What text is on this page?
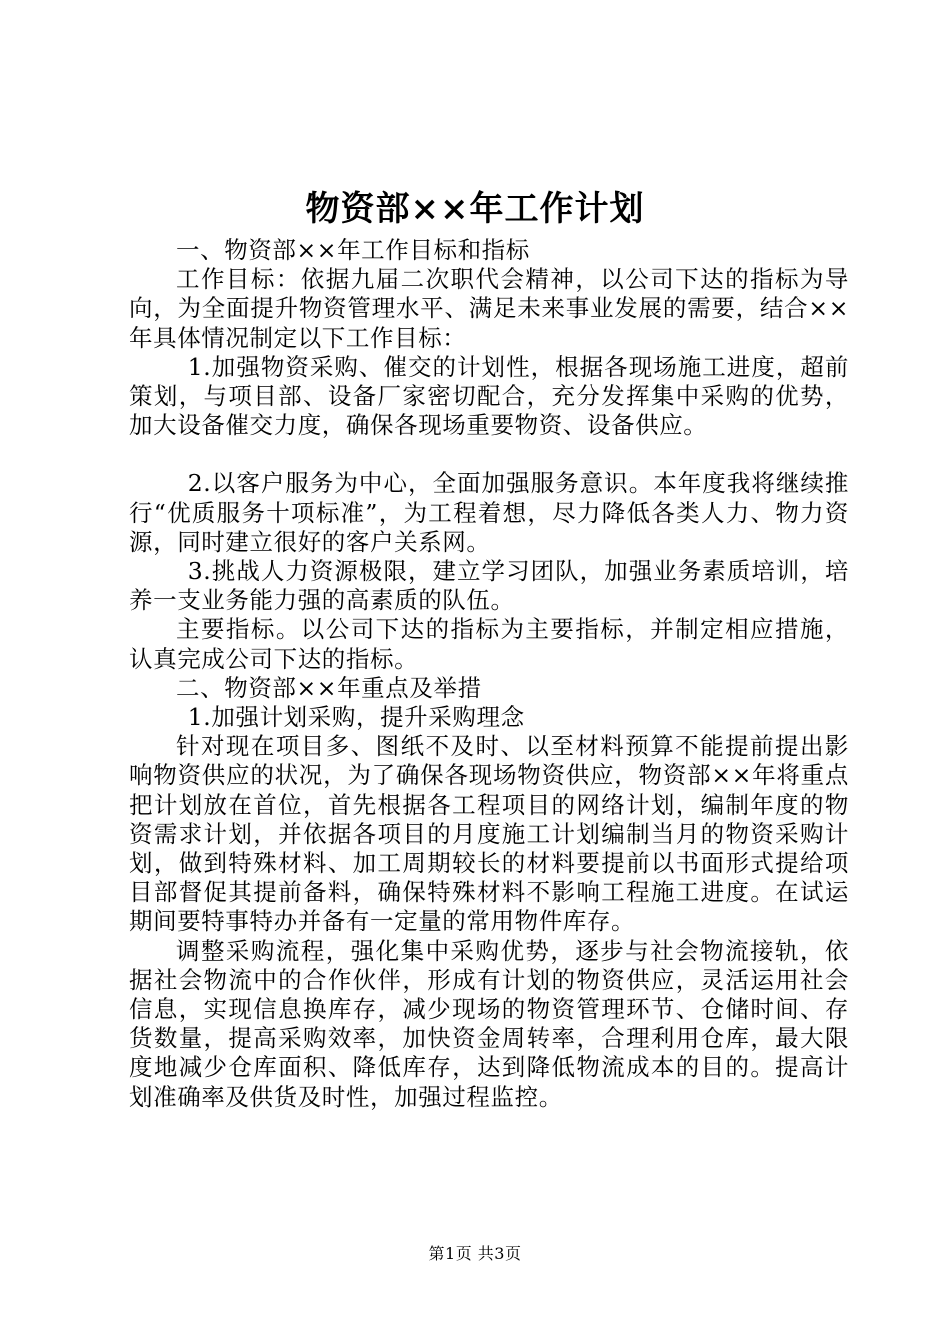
物资部××年工作计划

一、物资部××年工作目标和指标

工作目标：依据九届二次职代会精神，以公司下达的指标为导向，为全面提升物资管理水平、满足未来事业发展的需要，结合××年具体情况制定以下工作目标：

1.加强物资采购、催交的计划性，根据各现场施工进度，超前策划，与项目部、设备厂家密切配合，充分发挥集中采购的优势，加大设备催交力度，确保各现场重要物资、设备供应。

2.以客户服务为中心，全面加强服务意识。本年度我将继续推行“优质服务十项标准”，为工程着想，尽力降低各类人力、物力资源，同时建立很好的客户关系网。

3.挑战人力资源极限，建立学习团队，加强业务素质培训，培养一支业务能力强的高素质的队伍。

主要指标。以公司下达的指标为主要指标，并制定相应措施，认真完成公司下达的指标。

二、物资部××年重点及举措

1.加强计划采购，提升采购理念

针对现在项目多、图纸不及时、以至材料预算不能提前提出影响物资供应的状况，为了确保各现场物资供应，物资部××年将重点把计划放在首位，首先根据各工程项目的网络计划，编制年度的物资需求计划，并依据各项目的月度施工计划编制当月的物资采购计划，做到特殊材料、加工周期较长的材料要提前以书面形式提给项目部督促其提前备料，确保特殊材料不影响工程施工进度。在试运期间要特事特办并备有一定量的常用物件库存。

调整采购流程，强化集中采购优势，逐步与社会物流接轨，依据社会物流中的合作伙伴，形成有计划的物资供应，灵活运用社会信息，实现信息换库存，减少现场的物资管理环节、仓储时间、存货数量，提高采购效率，加快资金周转率，合理利用仓库，最大限度地减少仓库面积、降低库存，达到降低物流成本的目的。提高计划准确率及供货及时性，加强过程监控。

第1页 共3页
